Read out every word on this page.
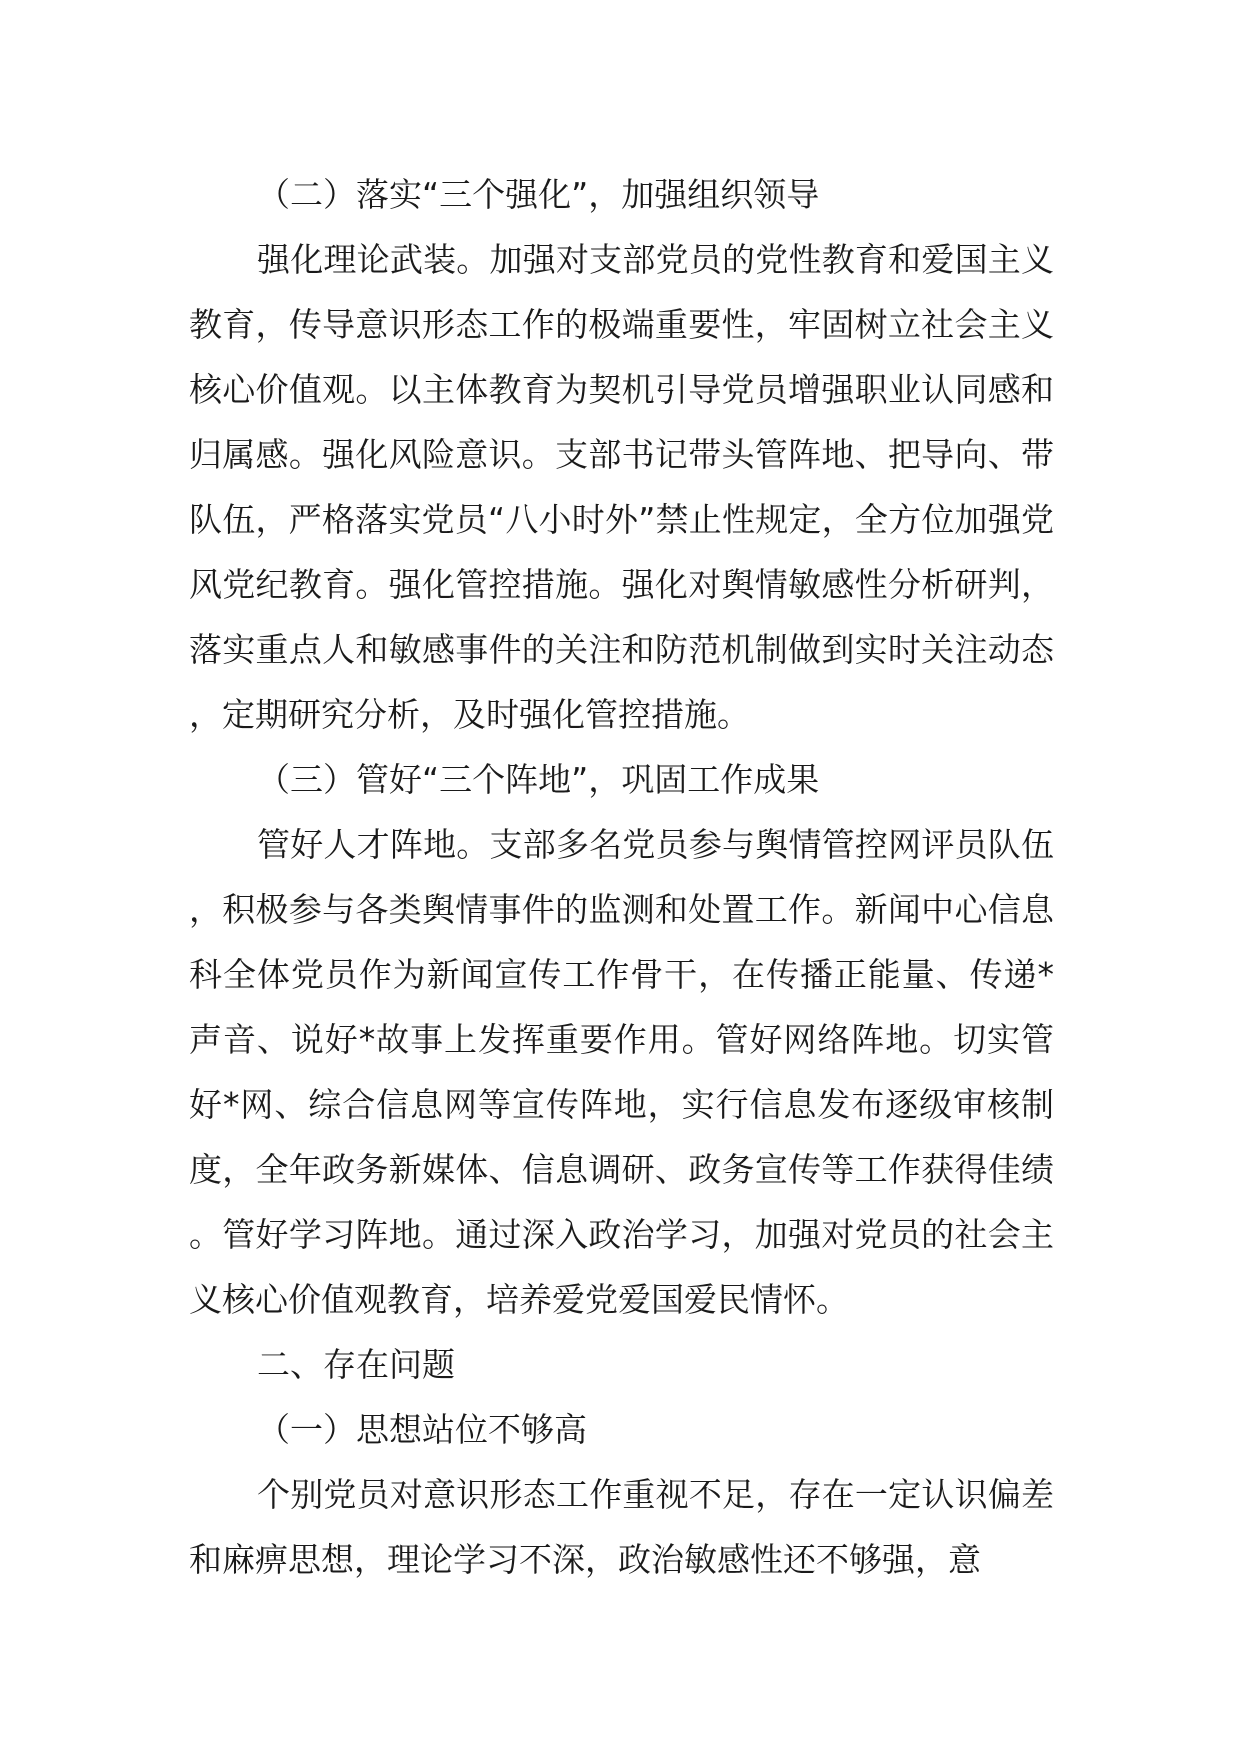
（二）落实“三个强化”，加强组织领导

强化理论武装。加强对支部党员的党性教育和爱国主义教育，传导意识形态工作的极端重要性，牢固树立社会主义核心价值观。以主体教育为契机引导党员增强职业认同感和归属感。强化风险意识。支部书记带头管阵地、把导向、带队伍，严格落实党员“八小时外”禁止性规定，全方位加强党风党纪教育。强化管控措施。强化对舆情敏感性分析研判，落实重点人和敏感事件的关注和防范机制做到实时关注动态，定期研究分析，及时强化管控措施。

（三）管好“三个阵地”，巩固工作成果

管好人才阵地。支部多名党员参与舆情管控网评员队伍，积极参与各类舆情事件的监测和处置工作。新闻中心信息科全体党员作为新闻宣传工作骨干，在传播正能量、传递*声音、说好*故事上发挥重要作用。管好网络阵地。切实管好*网、综合信息网等宣传阵地，实行信息发布逐级审核制度，全年政务新媒体、信息调研、政务宣传等工作获得佳绩。管好学习阵地。通过深入政治学习，加强对党员的社会主义核心价值观教育，培养爱党爱国爱民情怀。

二、存在问题

（一）思想站位不够高

个别党员对意识形态工作重视不足，存在一定认识偏差和麻痹思想，理论学习不深，政治敏感性还不够强，意
